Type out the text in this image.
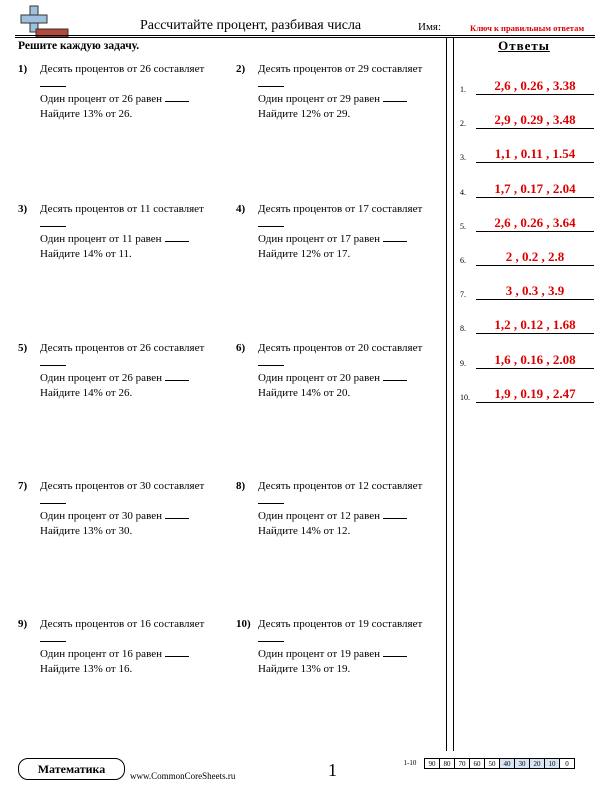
Рассчитайте процент, разбивая числа	Имя:	Ключ к правильным ответам
Решите каждую задачу.
1) Десять процентов от 26 составляет
Один процент от 26 равен
Найдите 13% от 26.
2) Десять процентов от 29 составляет
Один процент от 29 равен
Найдите 12% от 29.
3) Десять процентов от 11 составляет
Один процент от 11 равен
Найдите 14% от 11.
4) Десять процентов от 17 составляет
Один процент от 17 равен
Найдите 12% от 17.
5) Десять процентов от 26 составляет
Один процент от 26 равен
Найдите 14% от 26.
6) Десять процентов от 20 составляет
Один процент от 20 равен
Найдите 14% от 20.
7) Десять процентов от 30 составляет
Один процент от 30 равен
Найдите 13% от 30.
8) Десять процентов от 12 составляет
Один процент от 12 равен
Найдите 14% от 12.
9) Десять процентов от 16 составляет
Один процент от 16 равен
Найдите 13% от 16.
10) Десять процентов от 19 составляет
Один процент от 19 равен
Найдите 13% от 19.
Ответы
1.	2,6 , 0.26 , 3.38
2.	2,9 , 0.29 , 3.48
3.	1,1 , 0.11 , 1.54
4.	1,7 , 0.17 , 2.04
5.	2,6 , 0.26 , 3.64
6.	2 , 0.2 , 2.8
7.	3 , 0.3 , 3.9
8.	1,2 , 0.12 , 1.68
9.	1,6 , 0.16 , 2.08
10.	1,9 , 0.19 , 2.47
Математика	www.CommonCoreSheets.ru	1	1-10	90	80	70	60	50	40	30	20	10	0
